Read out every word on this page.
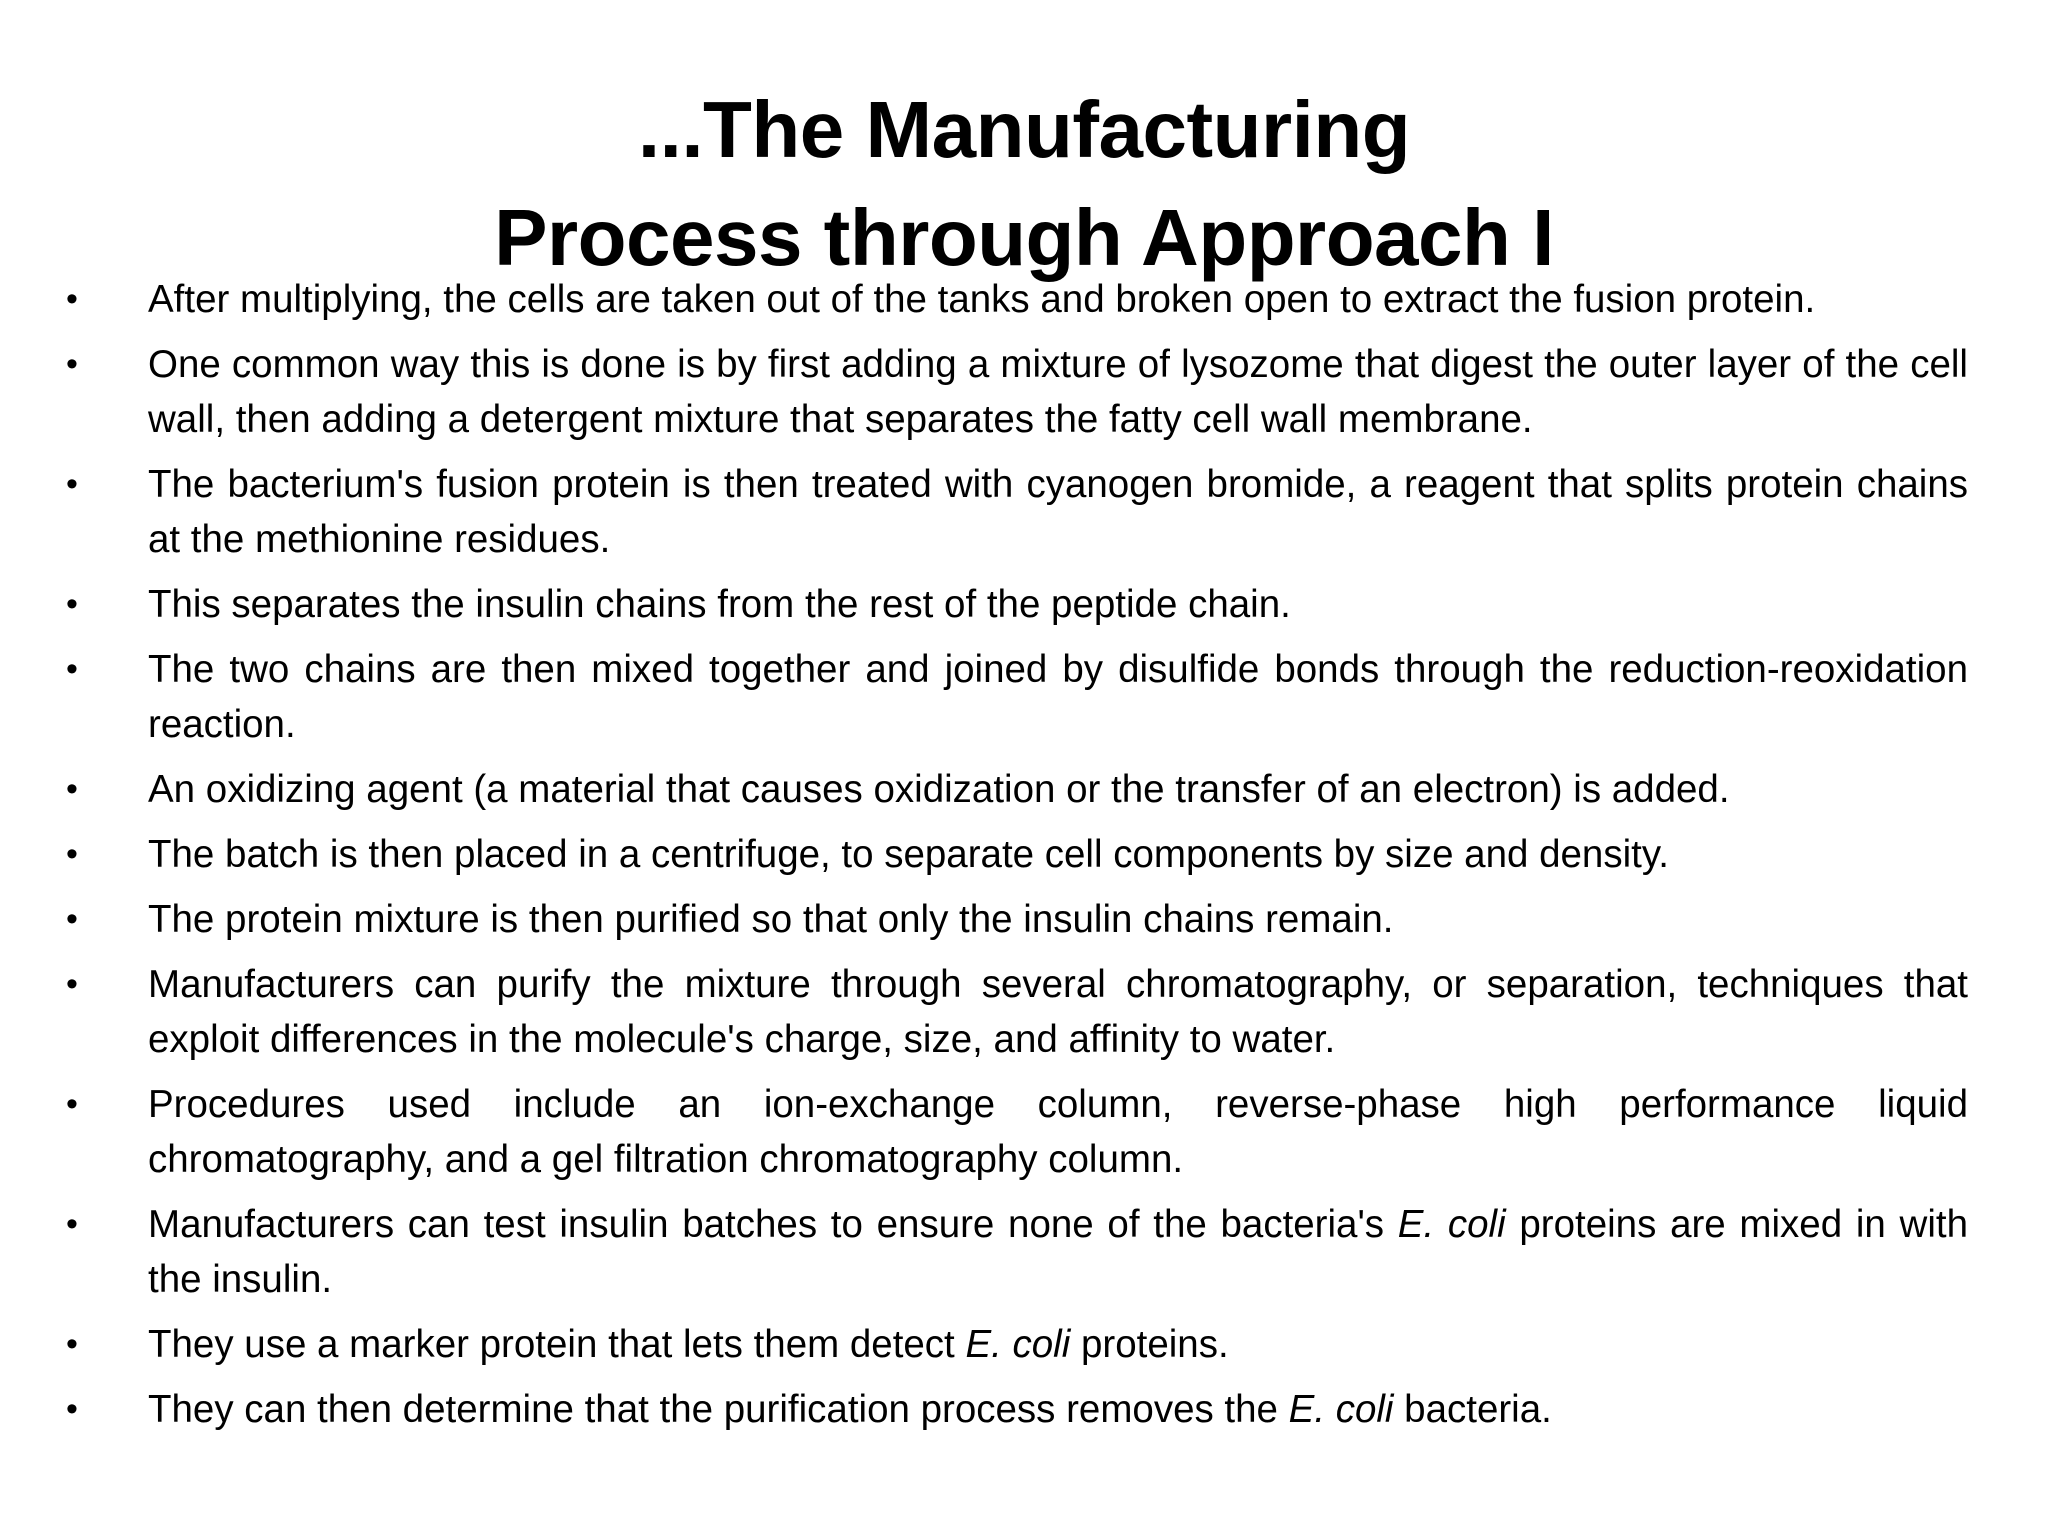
...The Manufacturing
Process through Approach I
• After multiplying, the cells are taken out of the tanks and broken open to extract the fusion protein.
• One common way this is done is by first adding a mixture of lysozome that digest the outer layer of the cell wall, then adding a detergent mixture that separates the fatty cell wall membrane.
• The bacterium's fusion protein is then treated with cyanogen bromide, a reagent that splits protein chains at the methionine residues.
• This separates the insulin chains from the rest of the peptide chain.
• The two chains are then mixed together and joined by disulfide bonds through the reduction-reoxidation reaction.
• An oxidizing agent (a material that causes oxidization or the transfer of an electron) is added.
• The batch is then placed in a centrifuge, to separate cell components by size and density.
• The protein mixture is then purified so that only the insulin chains remain.
• Manufacturers can purify the mixture through several chromatography, or separation, techniques that exploit differences in the molecule's charge, size, and affinity to water.
• Procedures used include an ion-exchange column, reverse-phase high performance liquid chromatography, and a gel filtration chromatography column.
• Manufacturers can test insulin batches to ensure none of the bacteria's E. coli proteins are mixed in with the insulin.
• They use a marker protein that lets them detect E. coli proteins.
• They can then determine that the purification process removes the E. coli bacteria.
